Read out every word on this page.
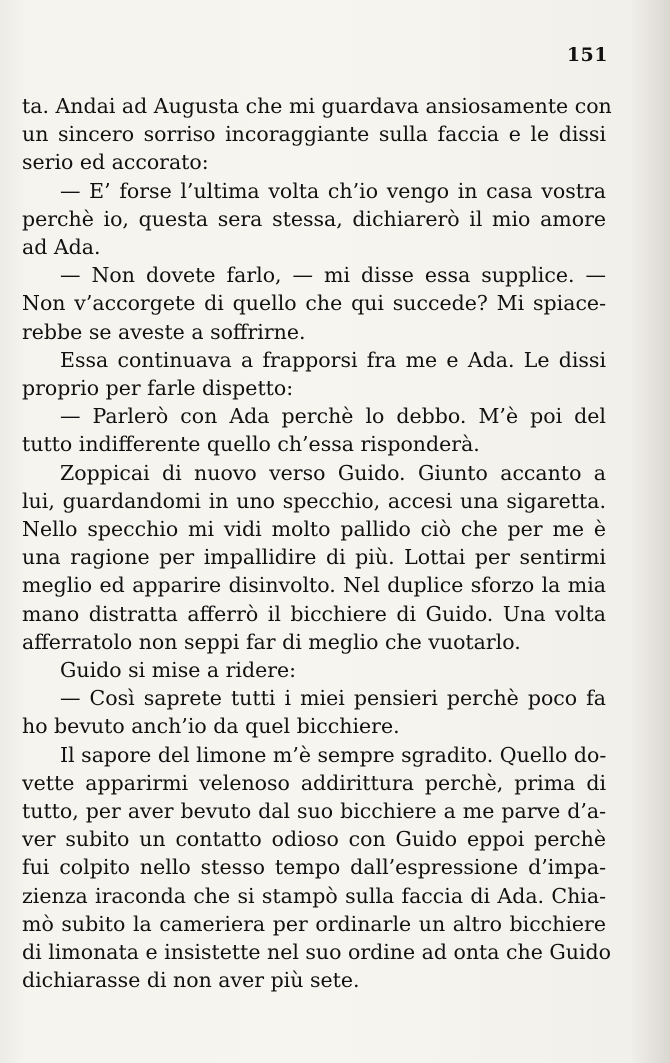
151
ta. Andai ad Augusta che mi guardava ansiosamente con
un sincero sorriso incoraggiante sulla faccia e le dissi
serio ed accorato:
— E’ forse l’ultima volta ch’io vengo in casa vostra
perchè io, questa sera stessa, dichiarerò il mio amore
ad Ada.
— Non dovete farlo, — mi disse essa supplice. —
Non v’accorgete di quello che qui succede? Mi spiace-
rebbe se aveste a soffrirne.
Essa continuava a frapporsi fra me e Ada. Le dissi
proprio per farle dispetto:
— Parlerò con Ada perchè lo debbo. M’è poi del
tutto indifferente quello ch’essa risponderà.
Zoppicai di nuovo verso Guido. Giunto accanto a
lui, guardandomi in uno specchio, accesi una sigaretta.
Nello specchio mi vidi molto pallido ciò che per me è
una ragione per impallidire di più. Lottai per sentirmi
meglio ed apparire disinvolto. Nel duplice sforzo la mia
mano distratta afferrò il bicchiere di Guido. Una volta
afferratolo non seppi far di meglio che vuotarlo.
Guido si mise a ridere:
— Così saprete tutti i miei pensieri perchè poco fa
ho bevuto anch’io da quel bicchiere.
Il sapore del limone m’è sempre sgradito. Quello do-
vette apparirmi velenoso addirittura perchè, prima di
tutto, per aver bevuto dal suo bicchiere a me parve d’a-
ver subito un contatto odioso con Guido eppoi perchè
fui colpito nello stesso tempo dall’espressione d’impa-
zienza iraconda che si stampò sulla faccia di Ada. Chia-
mò subito la cameriera per ordinarle un altro bicchiere
di limonata e insistette nel suo ordine ad onta che Guido
dichiarasse di non aver più sete.
